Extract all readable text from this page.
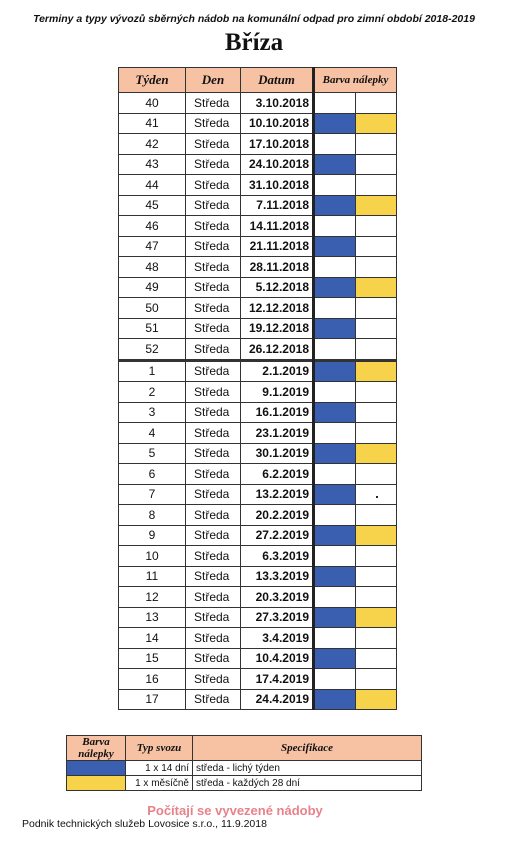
Terminy a typy vývozů sběrných nádob na komunální odpad pro zimní období 2018-2019
Bříza
Týden	Den	Datum	Barva nálepky	
40	Středa	3.10.2018		
41	Středa	10.10.2018		
42	Středa	17.10.2018		
43	Středa	24.10.2018		
44	Středa	31.10.2018		
45	Středa	7.11.2018		
46	Středa	14.11.2018		
47	Středa	21.11.2018		
48	Středa	28.11.2018		
49	Středa	5.12.2018		
50	Středa	12.12.2018		
51	Středa	19.12.2018		
52	Středa	26.12.2018		
1	Středa	2.1.2019		
2	Středa	9.1.2019		
3	Středa	16.1.2019		
4	Středa	23.1.2019		
5	Středa	30.1.2019		
6	Středa	6.2.2019		
7	Středa	13.2.2019		
8	Středa	20.2.2019		
9	Středa	27.2.2019		
10	Středa	6.3.2019		
11	Středa	13.3.2019		
12	Středa	20.3.2019		
13	Středa	27.3.2019		
14	Středa	3.4.2019		
15	Středa	10.4.2019		
16	Středa	17.4.2019		
17	Středa	24.4.2019		
Barva nálepky	Typ svozu	Specifikace
	1 x 14 dní	středa - lichý týden
	1 x měsíčně	středa - každých 28 dní
Počítají se vyvezené nádoby
Podnik technických služeb Lovosice s.r.o., 11.9.2018
